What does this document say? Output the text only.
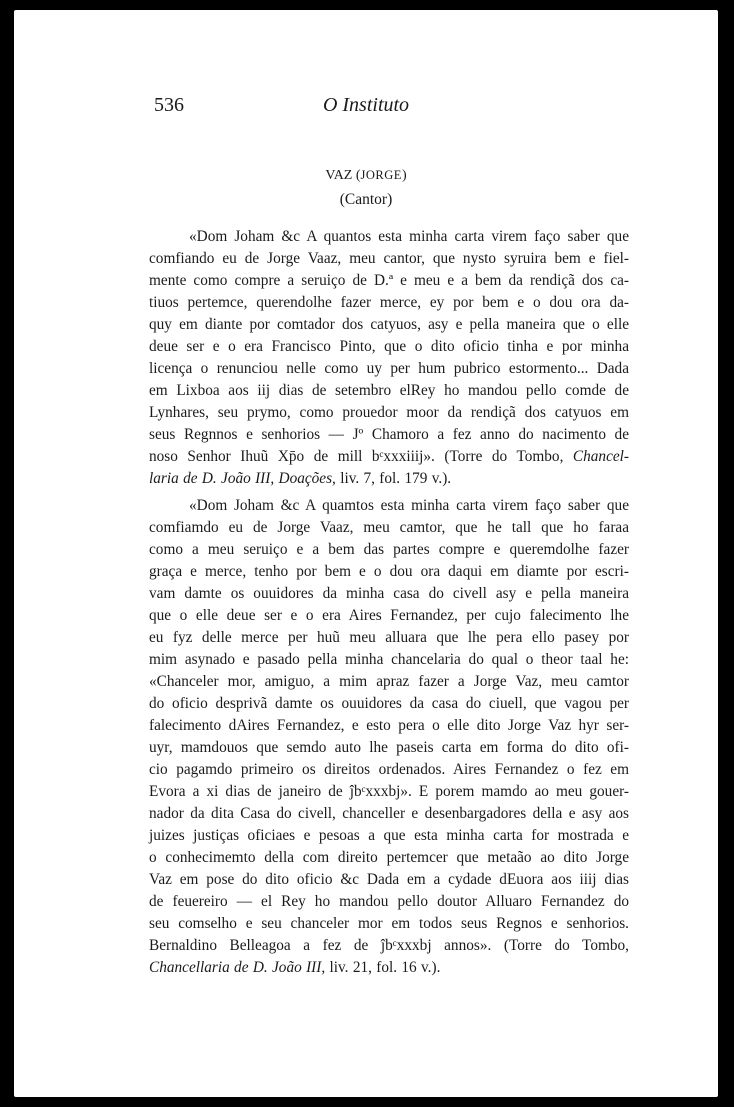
536	O Instituto
VAZ (JORGE)
(Cantor)
«Dom Joham &c A quantos esta minha carta virem faço saber que
comfiando eu de Jorge Vaaz, meu cantor, que nysto syruira bem e fiel-
mente como compre a seruiço de D.ª e meu e a bem da rendiçã dos ca-
tiuos pertemce, querendolhe fazer merce, ey por bem e o dou ora da-
quy em diante por comtador dos catyuos, asy e pella maneira que o elle
deue ser e o era Francisco Pinto, que o dito oficio tinha e por minha
licença o renunciou nelle como uy per hum pubrico estormento... Dada
em Lixboa aos iij dias de setembro elRey ho mandou pello comde de
Lynhares, seu prymo, como prouedor moor da rendiçã dos catyuos em
seus Regnnos e senhorios — Jº Chamoro a fez anno do nacimento de
noso Senhor Ihuũ Xp̄o de mill bᶜxxxiiij». (Torre do Tombo, Chancel-
laria de D. João III, Doações, liv. 7, fol. 179 v.).
«Dom Joham &c A quamtos esta minha carta virem faço saber que
comfiamdo eu de Jorge Vaaz, meu camtor, que he tall que ho faraa
como a meu seruiço e a bem das partes compre e queremdolhe fazer
graça e merce, tenho por bem e o dou ora daqui em diamte por escri-
vam damte os ouuidores da minha casa do civell asy e pella maneira
que o elle deue ser e o era Aires Fernandez, per cujo falecimento lhe
eu fyz delle merce per huũ meu alluara que lhe pera ello pasey por
mim asynado e pasado pella minha chancelaria do qual o theor taal he:
«Chanceler mor, amiguo, a mim apraz fazer a Jorge Vaz, meu camtor
do oficio desprivã damte os ouuidores da casa do ciuell, que vagou per
falecimento dAires Fernandez, e esto pera o elle dito Jorge Vaz hyr ser-
uyr, mamdouos que semdo auto lhe paseis carta em forma do dito ofi-
cio pagamdo primeiro os direitos ordenados. Aires Fernandez o fez em
Evora a xi dias de janeiro de ĵbᶜxxxbj». E porem mamdo ao meu gouer-
nador da dita Casa do civell, chanceller e desenbargadores della e asy aos
juizes justiças oficiaes e pesoas a que esta minha carta for mostrada e
o conhecimemto della com direito pertemcer que metaão ao dito Jorge
Vaz em pose do dito oficio &c Dada em a cydade dEuora aos iiij dias
de feuereiro — el Rey ho mandou pello doutor Alluaro Fernandez do
seu comselho e seu chanceler mor em todos seus Regnos e senhorios.
Bernaldino Belleagoa a fez de ĵbᶜxxxbj annos». (Torre do Tombo,
Chancellaria de D. João III, liv. 21, fol. 16 v.).
